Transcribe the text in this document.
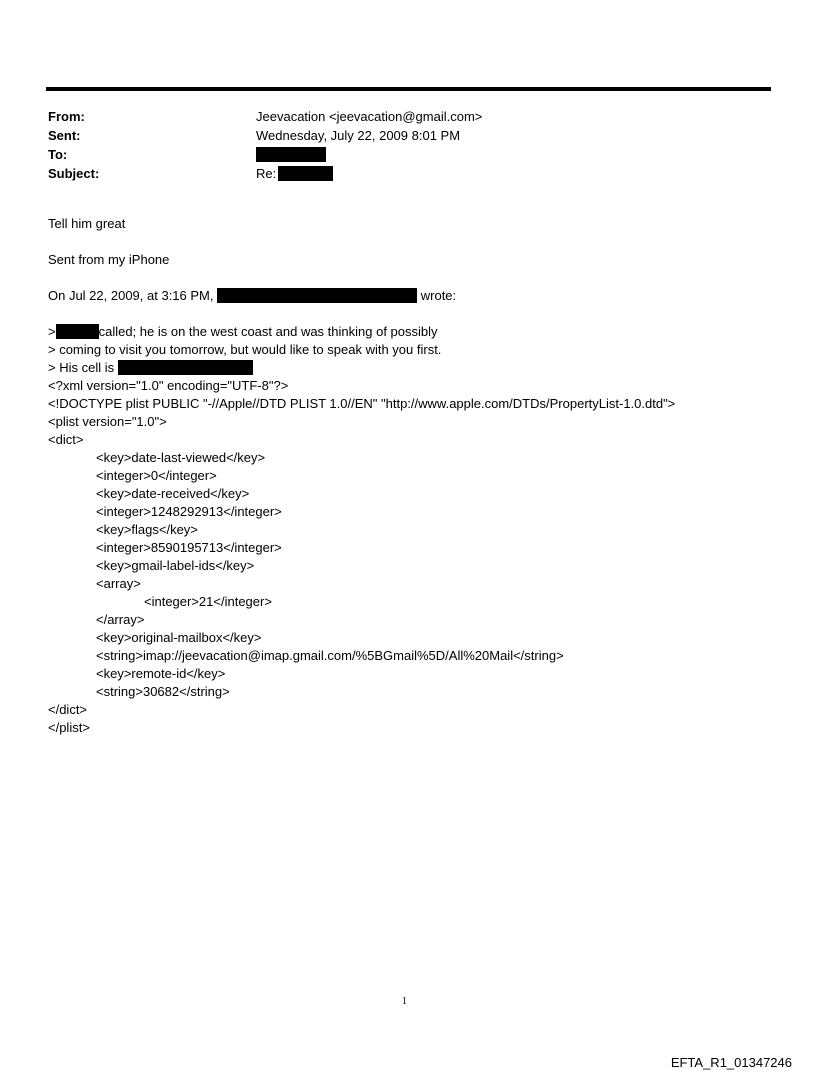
From:	Jeevacation <jeevacation@gmail.com>
Sent:	Wednesday, July 22, 2009 8:01 PM
To:
Subject:	Re:

Tell him great

Sent from my iPhone

On Jul 22, 2009, at 3:16 PM,	wrote:

>	called; he is on the west coast and was thinking of possibly

> coming to visit you tomorrow, but would like to speak with you first.

> His cell is

<?xml version="1.0" encoding="UTF-8"?>

<!DOCTYPE plist PUBLIC "-//Apple//DTD PLIST 1.0//EN" "http://www.apple.com/DTDs/PropertyList-1.0.dtd">

<plist version="1.0">

<dict>

<key>date-last-viewed</key>

<integer>0</integer>

<key>date-received</key>

<integer>1248292913</integer>

<key>flags</key>

<integer>8590195713</integer>

<key>gmail-label-ids</key>

<array>

<integer>21</integer>

</array>

<key>original-mailbox</key>

<string>imap://jeevacation@imap.gmail.com/%5BGmail%5D/All%20Mail</string>

<key>remote-id</key>

<string>30682</string>

</dict>

</plist>

1
EFTA_R1_01347246
